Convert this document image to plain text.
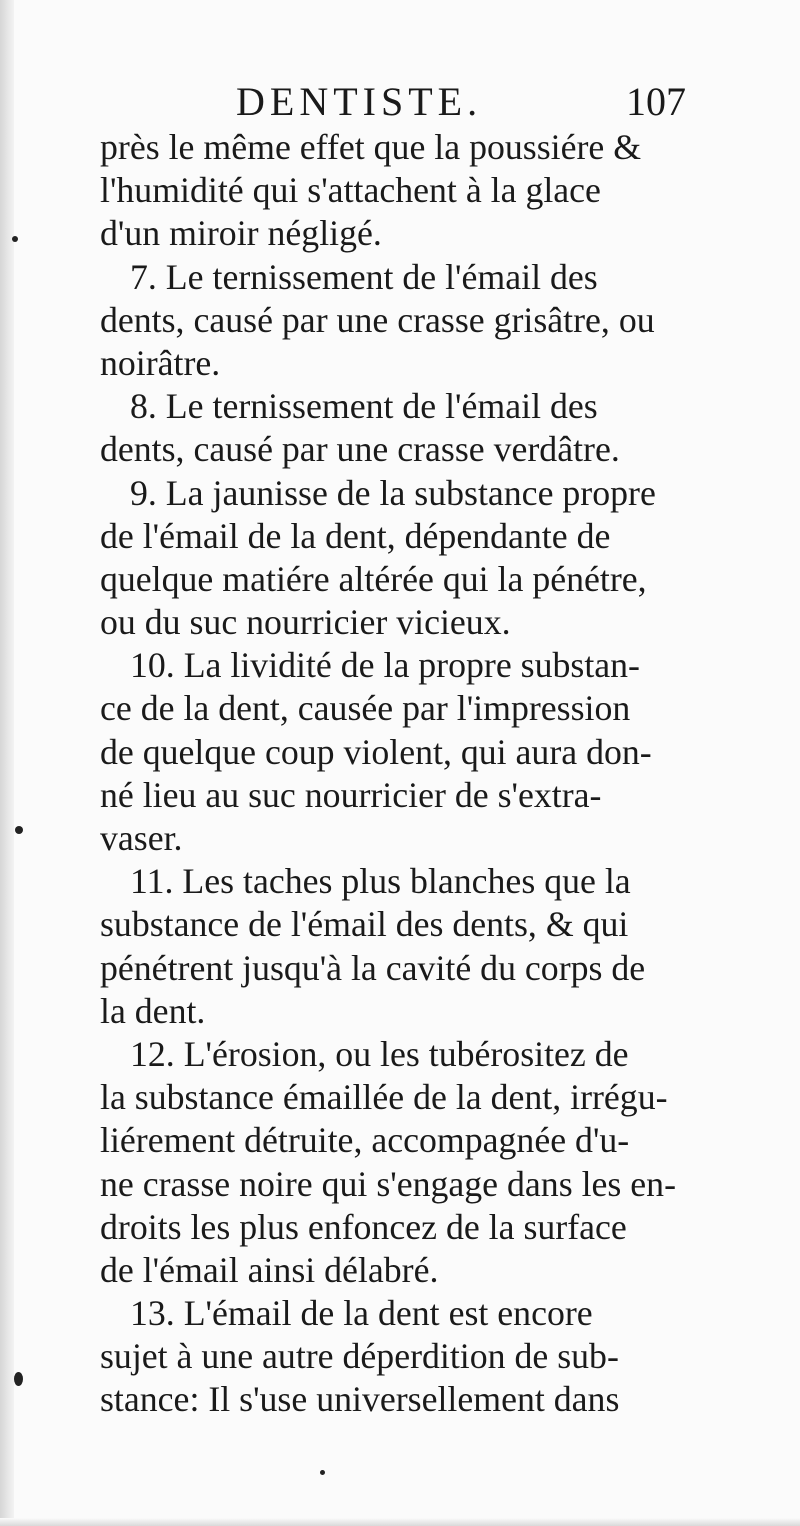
DENTISTE.	107
près le même effet que la poussiére &
l'humidité qui s'attachent à la glace
d'un miroir négligé.
7. Le ternissement de l'émail des
dents, causé par une crasse grisâtre, ou
noirâtre.
8. Le ternissement de l'émail des
dents, causé par une crasse verdâtre.
9. La jaunisse de la substance propre
de l'émail de la dent, dépendante de
quelque matiére altérée qui la pénétre,
ou du suc nourricier vicieux.
10. La lividité de la propre substan-
ce de la dent, causée par l'impression
de quelque coup violent, qui aura don-
né lieu au suc nourricier de s'extra-
vaser.
11. Les taches plus blanches que la
substance de l'émail des dents, & qui
pénétrent jusqu'à la cavité du corps de
la dent.
12. L'érosion, ou les tubérositez de
la substance émaillée de la dent, irrégu-
liérement détruite, accompagnée d'u-
ne crasse noire qui s'engage dans les en-
droits les plus enfoncez de la surface
de l'émail ainsi délabré.
13. L'émail de la dent est encore
sujet à une autre déperdition de sub-
stance: Il s'use universellement dans
